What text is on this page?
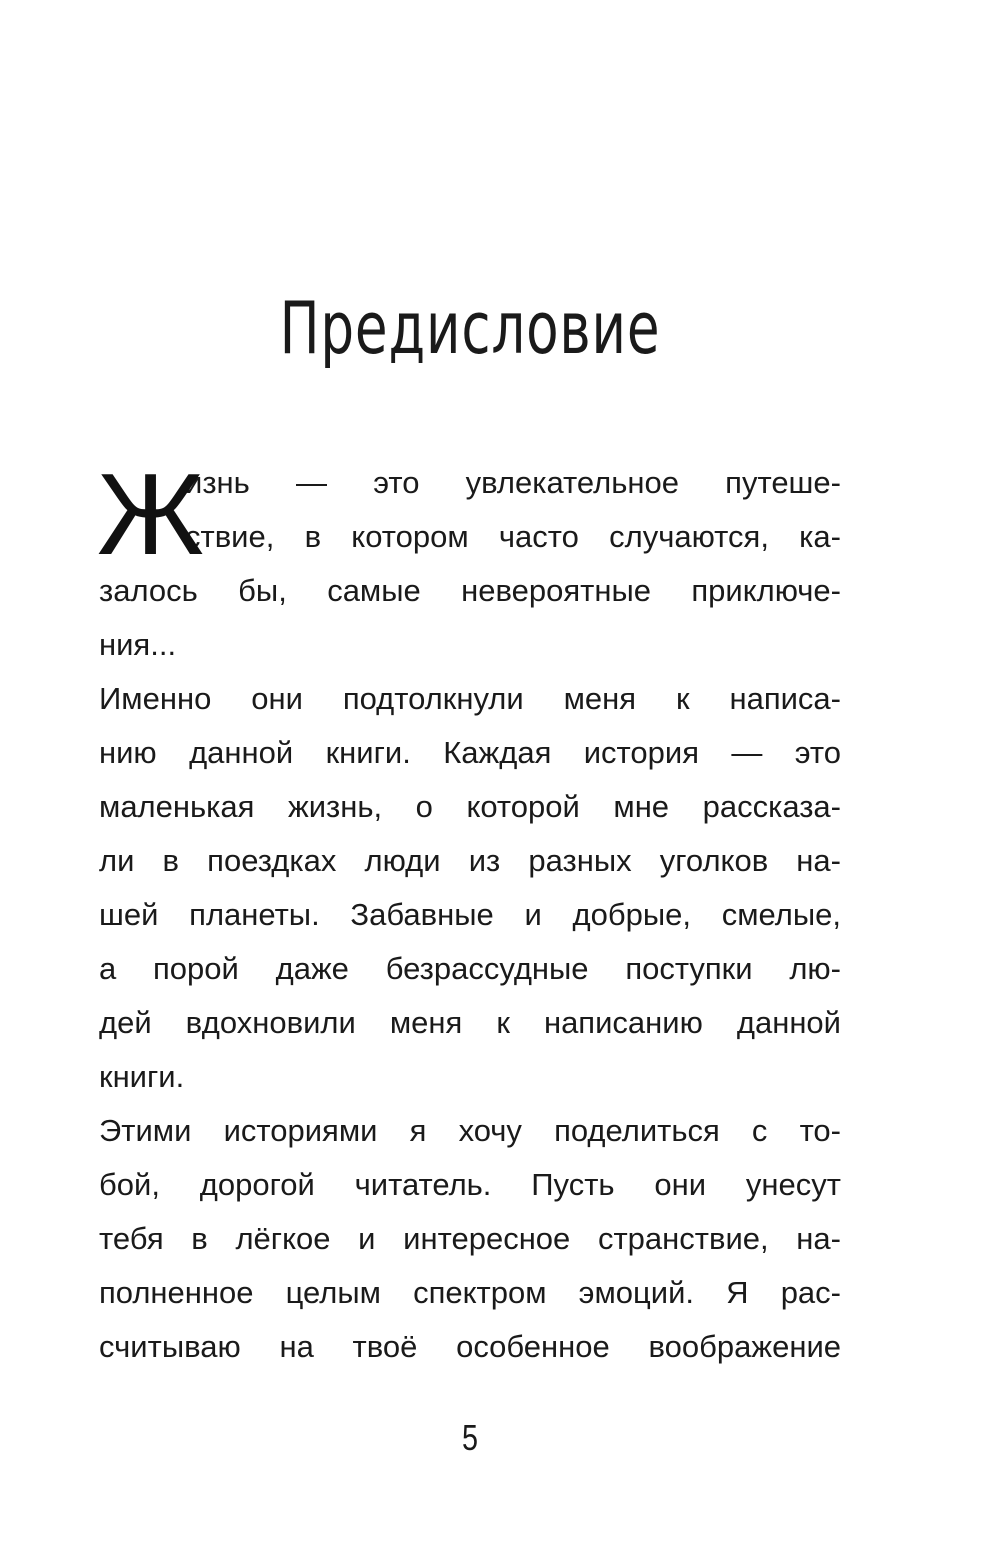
Предисловие
Ж
изнь — это увлекательное путеше-
ствие, в котором часто случаются, ка-
залось бы, самые невероятные приключе-
ния...
Именно они подтолкнули меня к написа-
нию данной книги. Каждая история — это
маленькая жизнь, о которой мне рассказа-
ли в поездках люди из разных уголков на-
шей планеты. Забавные и добрые, смелые,
а порой даже безрассудные поступки лю-
дей вдохновили меня к написанию данной
книги.
Этими историями я хочу поделиться с то-
бой, дорогой читатель. Пусть они унесут
тебя в лёгкое и интересное странствие, на-
полненное целым спектром эмоций. Я рас-
считываю на твоё особенное воображение
5
